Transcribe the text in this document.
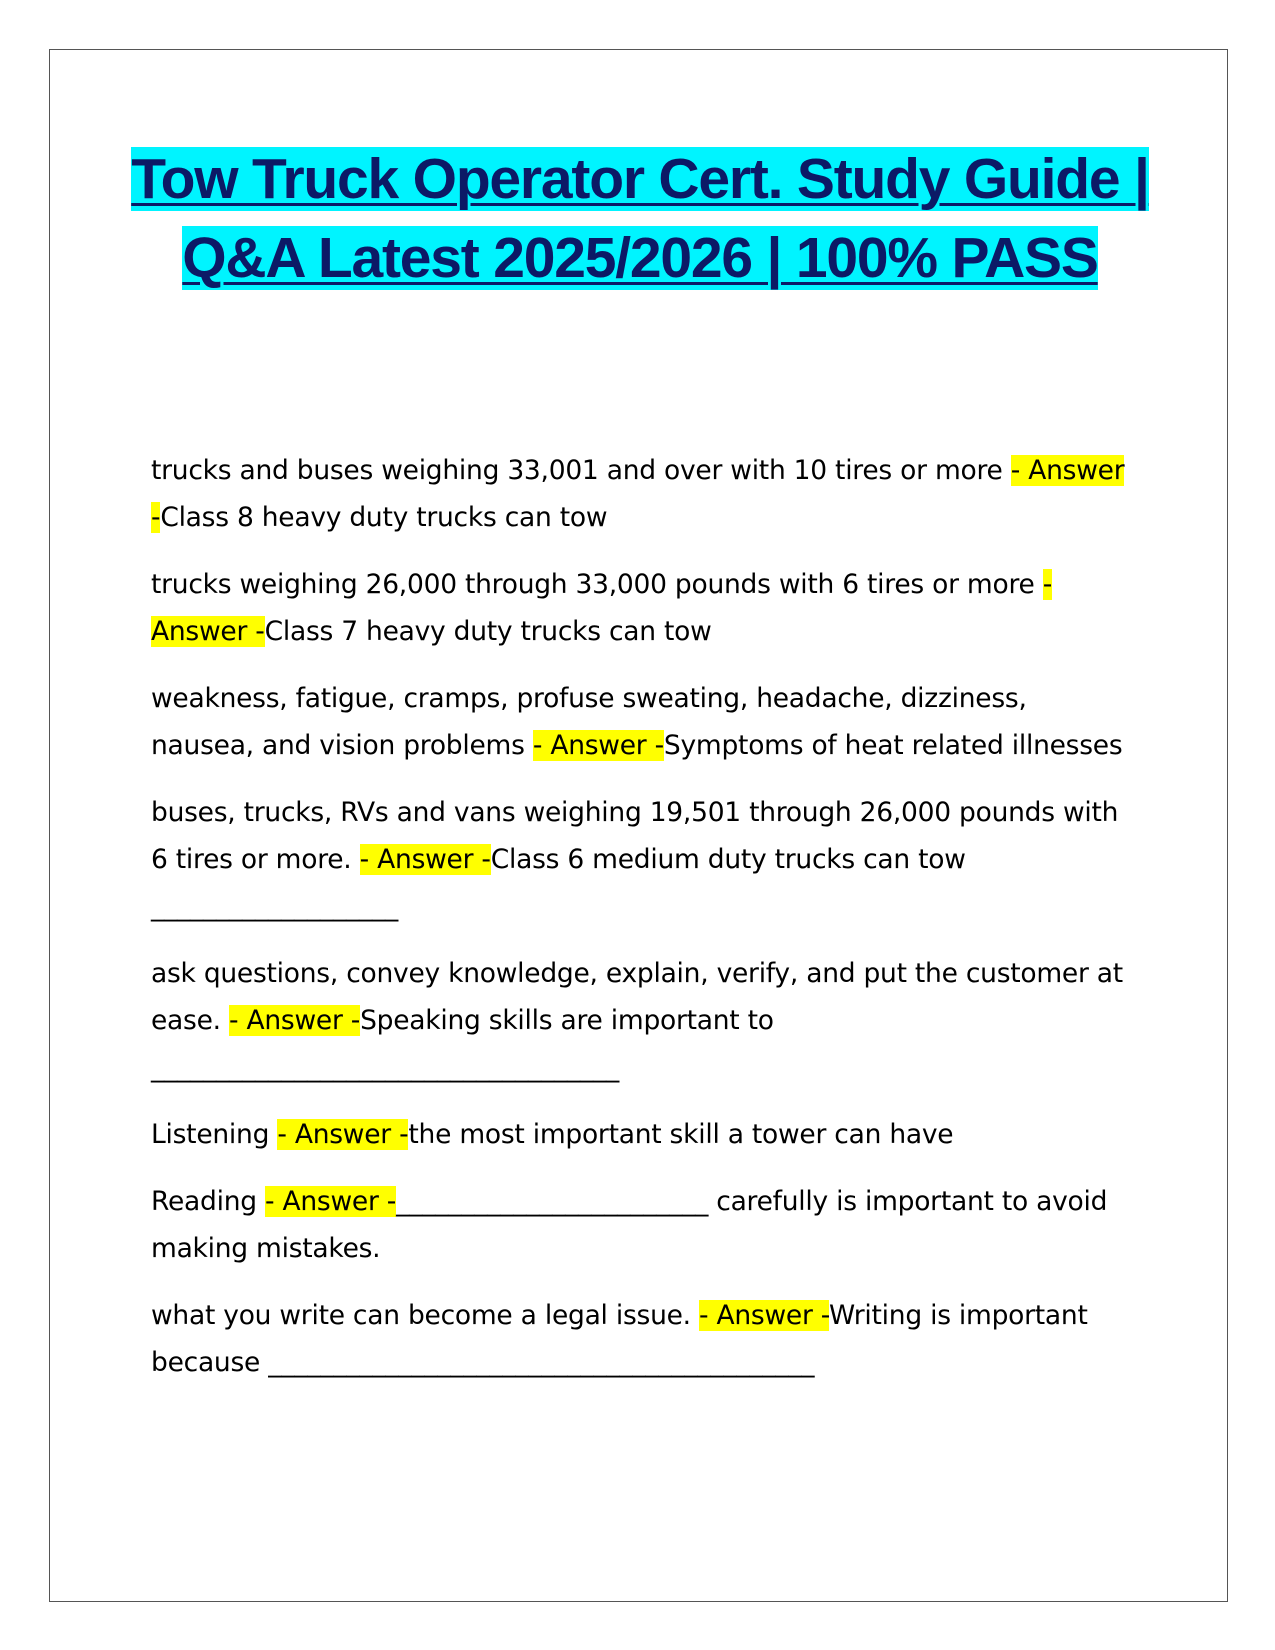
Tow Truck Operator Cert. Study Guide | Q&A Latest 2025/2026 | 100% PASS

trucks and buses weighing 33,001 and over with 10 tires or more - Answer -Class 8 heavy duty trucks can tow

trucks weighing 26,000 through 33,000 pounds with 6 tires or more - Answer -Class 7 heavy duty trucks can tow

weakness, fatigue, cramps, profuse sweating, headache, dizziness, nausea, and vision problems - Answer -Symptoms of heat related illnesses

buses, trucks, RVs and vans weighing 19,501 through 26,000 pounds with 6 tires or more. - Answer -Class 6 medium duty trucks can tow ___________________

ask questions, convey knowledge, explain, verify, and put the customer at ease. - Answer -Speaking skills are important to ____________________________________

Listening - Answer -the most important skill a tower can have

Reading - Answer -________________________ carefully is important to avoid making mistakes.

what you write can become a legal issue. - Answer -Writing is important because __________________________________________
